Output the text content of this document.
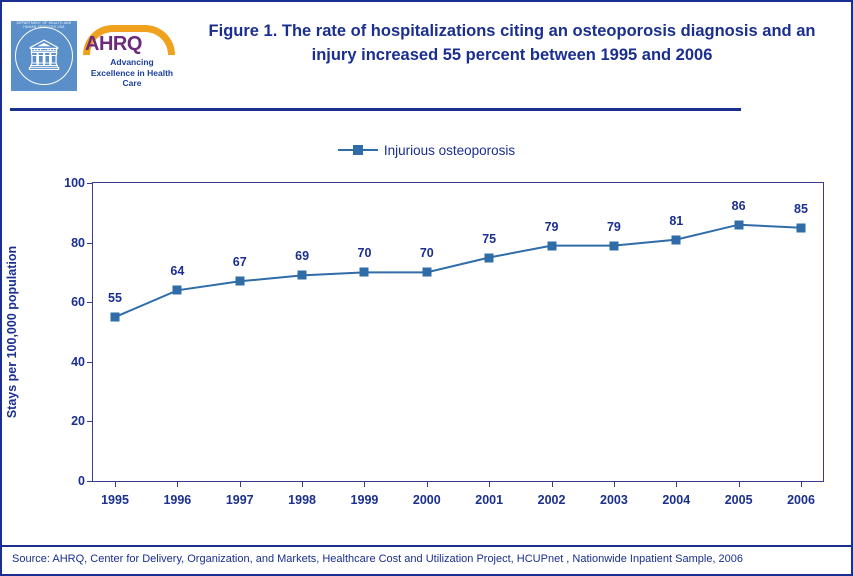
🏛
DEPARTMENT OF HEALTH AND HUMAN SERVICES USA
AHRQ
Advancing Excellence in Health Care
Figure 1. The rate of hospitalizations citing an osteoporosis diagnosis and an injury increased 55 percent between 1995 and 2006
Injurious osteoporosis
Stays per 100,000 population
0
20
40
60
80
100
1995	1996	1997	1998	1999	2000	2001	2002	2003	2004	2005	2006
55
64
67	69	70	70
75
79	79	81
86	85
Source: AHRQ, Center for Delivery, Organization, and Markets, Healthcare Cost and Utilization Project, HCUPnet , Nationwide Inpatient Sample, 2006
